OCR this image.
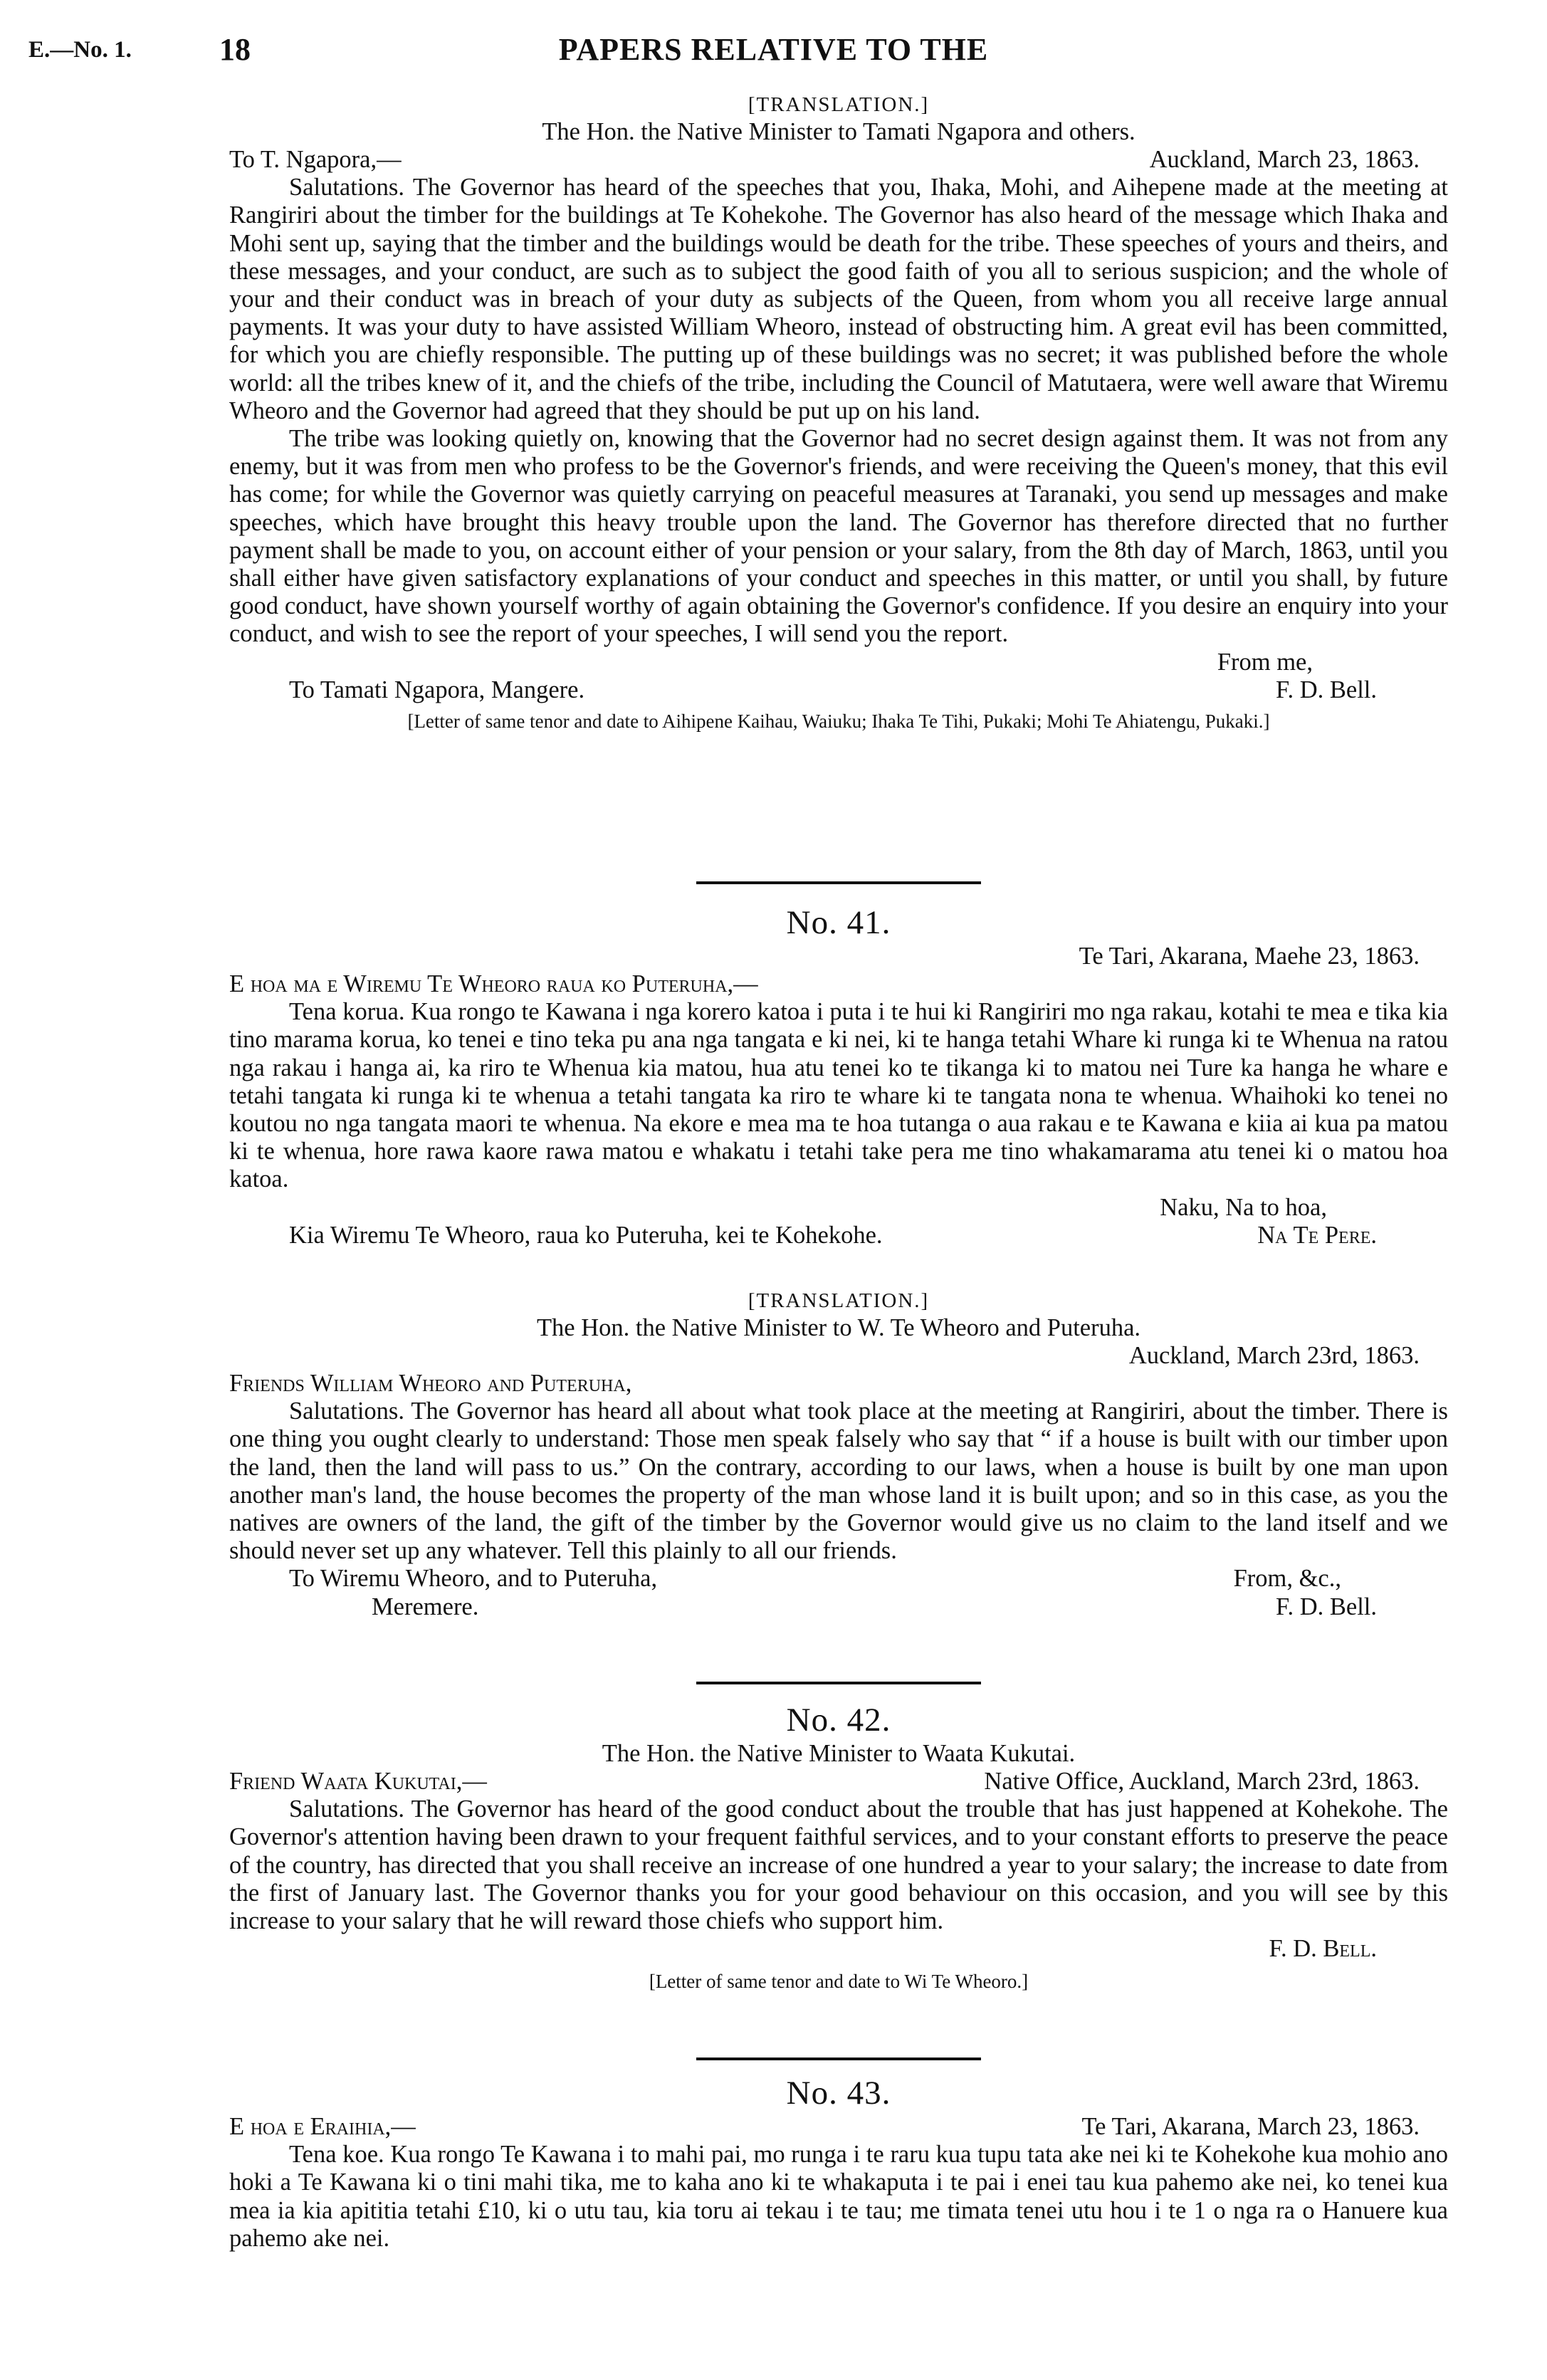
E.—No. 1.	18	PAPERS RELATIVE TO THE

[TRANSLATION.]

The Hon. the Native Minister to Tamati Ngapora and others.

To T. Ngapora,—	Auckland, March 23, 1863.

Salutations. The Governor has heard of the speeches that you, Ihaka, Mohi, and Aihepene made at the meeting at Rangiriri about the timber for the buildings at Te Kohekohe. The Governor has also heard of the message which Ihaka and Mohi sent up, saying that the timber and the buildings would be death for the tribe. These speeches of yours and theirs, and these messages, and your conduct, are such as to subject the good faith of you all to serious suspicion; and the whole of your and their conduct was in breach of your duty as subjects of the Queen, from whom you all receive large annual payments. It was your duty to have assisted William Wheoro, instead of obstructing him. A great evil has been committed, for which you are chiefly responsible. The putting up of these buildings was no secret; it was published before the whole world: all the tribes knew of it, and the chiefs of the tribe, including the Council of Matutaera, were well aware that Wiremu Wheoro and the Governor had agreed that they should be put up on his land.

The tribe was looking quietly on, knowing that the Governor had no secret design against them. It was not from any enemy, but it was from men who profess to be the Governor's friends, and were receiving the Queen's money, that this evil has come; for while the Governor was quietly carrying on peaceful measures at Taranaki, you send up messages and make speeches, which have brought this heavy trouble upon the land. The Governor has therefore directed that no further payment shall be made to you, on account either of your pension or your salary, from the 8th day of March, 1863, until you shall either have given satisfactory explanations of your conduct and speeches in this matter, or until you shall, by future good conduct, have shown yourself worthy of again obtaining the Governor's confidence. If you desire an enquiry into your conduct, and wish to see the report of your speeches, I will send you the report.

From me,
To Tamati Ngapora, Mangere.	F. D. Bell.

[Letter of same tenor and date to Aihipene Kaihau, Waiuku; Ihaka Te Tihi, Pukaki; Mohi Te Ahiatengu, Pukaki.]

No. 41.

Te Tari, Akarana, Maehe 23, 1863.

E hoa ma e Wiremu Te Wheoro raua ko Puteruha,—

Tena korua. Kua rongo te Kawana i nga korero katoa i puta i te hui ki Rangiriri mo nga rakau, kotahi te mea e tika kia tino marama korua, ko tenei e tino teka pu ana nga tangata e ki nei, ki te hanga tetahi Whare ki runga ki te Whenua na ratou nga rakau i hanga ai, ka riro te Whenua kia matou, hua atu tenei ko te tikanga ki to matou nei Ture ka hanga he whare e tetahi tangata ki runga ki te whenua a tetahi tangata ka riro te whare ki te tangata nona te whenua. Whaihoki ko tenei no koutou no nga tangata maori te whenua. Na ekore e mea ma te hoa tutanga o aua rakau e te Kawana e kiia ai kua pa matou ki te whenua, hore rawa kaore rawa matou e whakatu i tetahi take pera me tino whakamarama atu tenei ki o matou hoa katoa.

Naku, Na to hoa,
Kia Wiremu Te Wheoro, raua ko Puteruha, kei te Kohekohe.	Na Te Pere.

[TRANSLATION.]

The Hon. the Native Minister to W. Te Wheoro and Puteruha.

Auckland, March 23rd, 1863.

Friends William Wheoro and Puteruha,

Salutations. The Governor has heard all about what took place at the meeting at Rangiriri, about the timber. There is one thing you ought clearly to understand: Those men speak falsely who say that “ if a house is built with our timber upon the land, then the land will pass to us.” On the contrary, according to our laws, when a house is built by one man upon another man's land, the house becomes the property of the man whose land it is built upon; and so in this case, as you the natives are owners of the land, the gift of the timber by the Governor would give us no claim to the land itself and we should never set up any whatever. Tell this plainly to all our friends.

To Wiremu Wheoro, and to Puteruha,	From, &c.,
Meremere.	F. D. Bell.

No. 42.

The Hon. the Native Minister to Waata Kukutai.

Friend Waata Kukutai,—	Native Office, Auckland, March 23rd, 1863.

Salutations. The Governor has heard of the good conduct about the trouble that has just happened at Kohekohe. The Governor's attention having been drawn to your frequent faithful services, and to your constant efforts to preserve the peace of the country, has directed that you shall receive an increase of one hundred a year to your salary; the increase to date from the first of January last. The Governor thanks you for your good behaviour on this occasion, and you will see by this increase to your salary that he will reward those chiefs who support him.

F. D. Bell.

[Letter of same tenor and date to Wi Te Wheoro.]

No. 43.

E hoa e Eraihia,—	Te Tari, Akarana, March 23, 1863.

Tena koe. Kua rongo Te Kawana i to mahi pai, mo runga i te raru kua tupu tata ake nei ki te Kohekohe kua mohio ano hoki a Te Kawana ki o tini mahi tika, me to kaha ano ki te whakaputa i te pai i enei tau kua pahemo ake nei, ko tenei kua mea ia kia apititia tetahi £10, ki o utu tau, kia toru ai tekau i te tau; me timata tenei utu hou i te 1 o nga ra o Hanuere kua pahemo ake nei.
